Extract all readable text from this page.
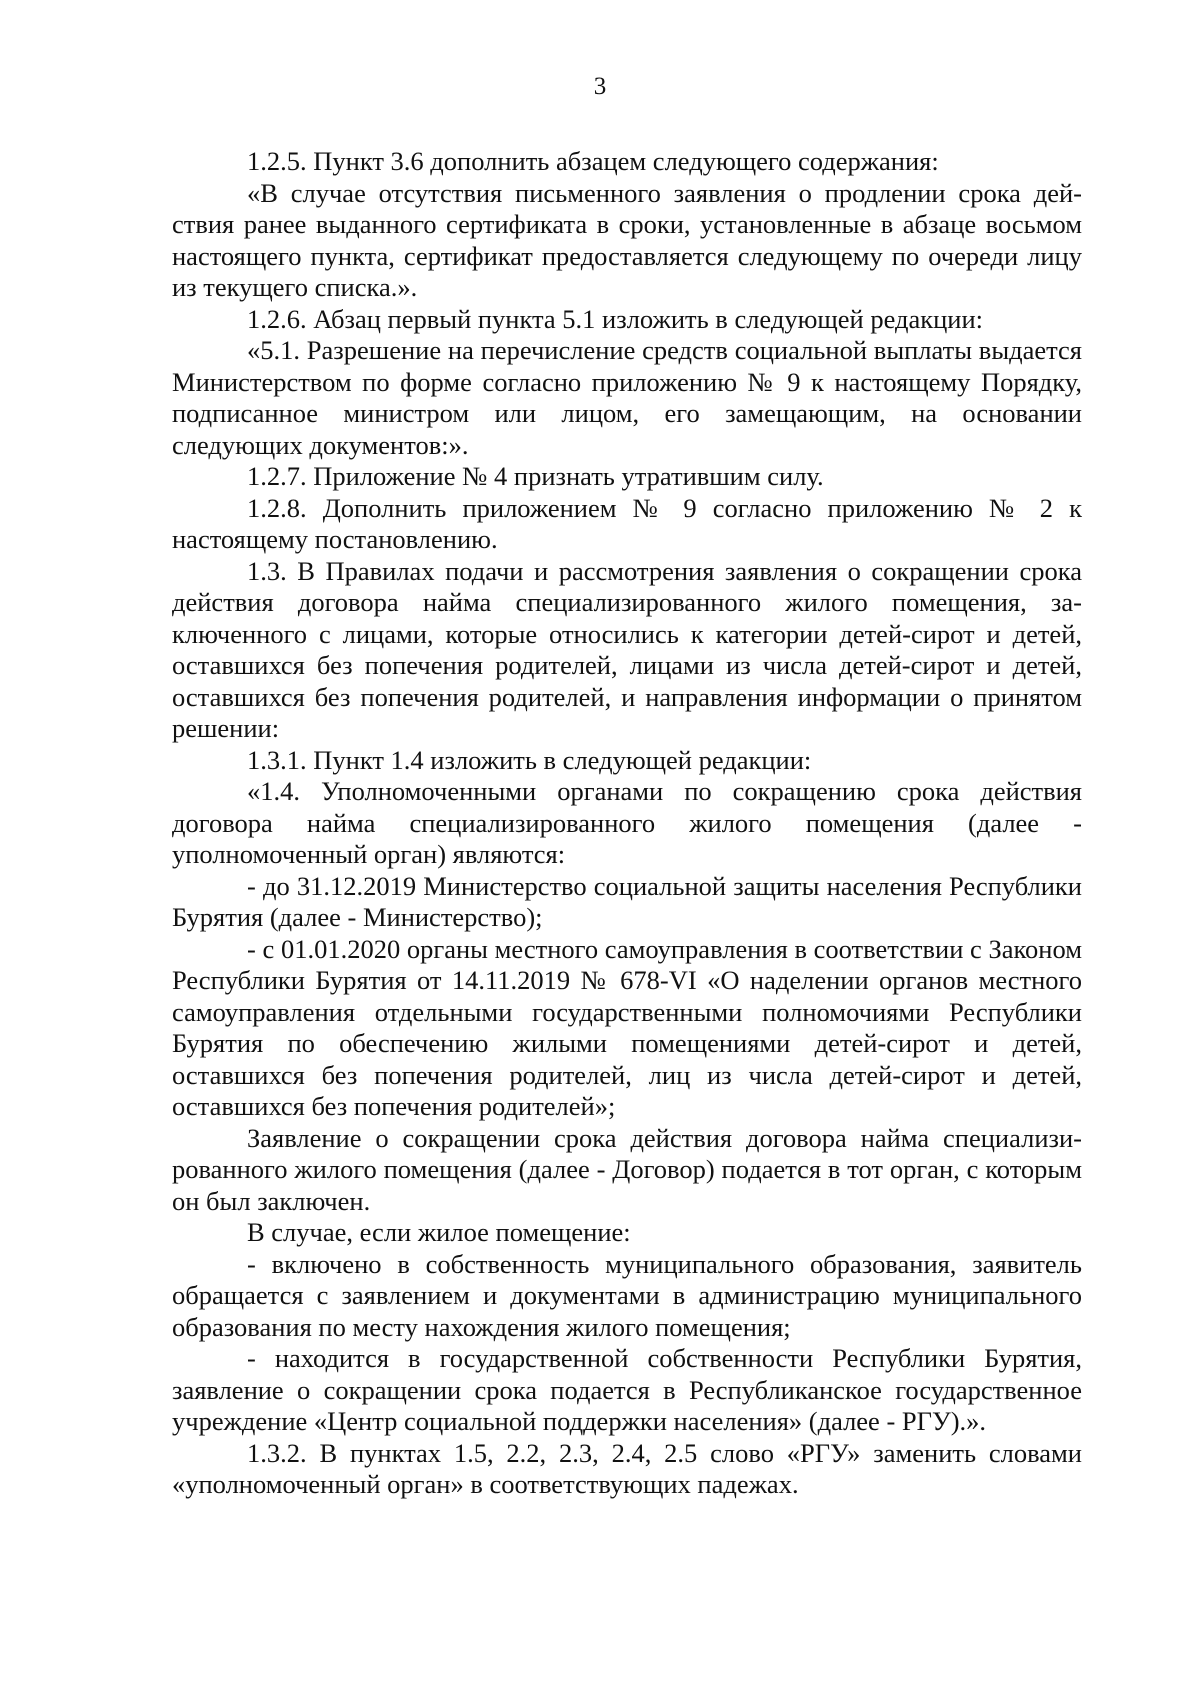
3

1.2.5. Пункт 3.6 дополнить абзацем следующего содержания:

«В случае отсутствия письменного заявления о продлении срока действия ранее выданного сертификата в сроки, установленные в абзаце восьмом настоящего пункта, сертификат предоставляется следующему по очереди лицу из текущего списка.».

1.2.6. Абзац первый пункта 5.1 изложить в следующей редакции:

«5.1. Разрешение на перечисление средств социальной выплаты выдается Министерством по форме согласно приложению № 9 к настоящему Порядку, подписанное министром или лицом, его замещающим, на основании следующих документов:».

1.2.7. Приложение № 4 признать утратившим силу.

1.2.8. Дополнить приложением № 9 согласно приложению № 2 к настоящему постановлению.

1.3. В Правилах подачи и рассмотрения заявления о сокращении срока действия договора найма специализированного жилого помещения, заключенного с лицами, которые относились к категории детей-сирот и детей, оставшихся без попечения родителей, лицами из числа детей-сирот и детей, оставшихся без попечения родителей, и направления информации о принятом решении:

1.3.1. Пункт 1.4 изложить в следующей редакции:

«1.4. Уполномоченными органами по сокращению срока действия договора найма специализированного жилого помещения (далее - уполномоченный орган) являются:

- до 31.12.2019 Министерство социальной защиты населения Республики Бурятия (далее - Министерство);

- с 01.01.2020 органы местного самоуправления в соответствии с Законом Республики Бурятия от 14.11.2019 № 678-VI «О наделении органов местного самоуправления отдельными государственными полномочиями Республики Бурятия по обеспечению жилыми помещениями детей-сирот и детей, оставшихся без попечения родителей, лиц из числа детей-сирот и детей, оставшихся без попечения родителей»;

Заявление о сокращении срока действия договора найма специализированного жилого помещения (далее - Договор) подается в тот орган, с которым он был заключен.

В случае, если жилое помещение:

- включено в собственность муниципального образования, заявитель обращается с заявлением и документами в администрацию муниципального образования по месту нахождения жилого помещения;

- находится в государственной собственности Республики Бурятия, заявление о сокращении срока подается в Республиканское государственное учреждение «Центр социальной поддержки населения» (далее - РГУ).».

1.3.2. В пунктах 1.5, 2.2, 2.3, 2.4, 2.5 слово «РГУ» заменить словами «уполномоченный орган» в соответствующих падежах.
